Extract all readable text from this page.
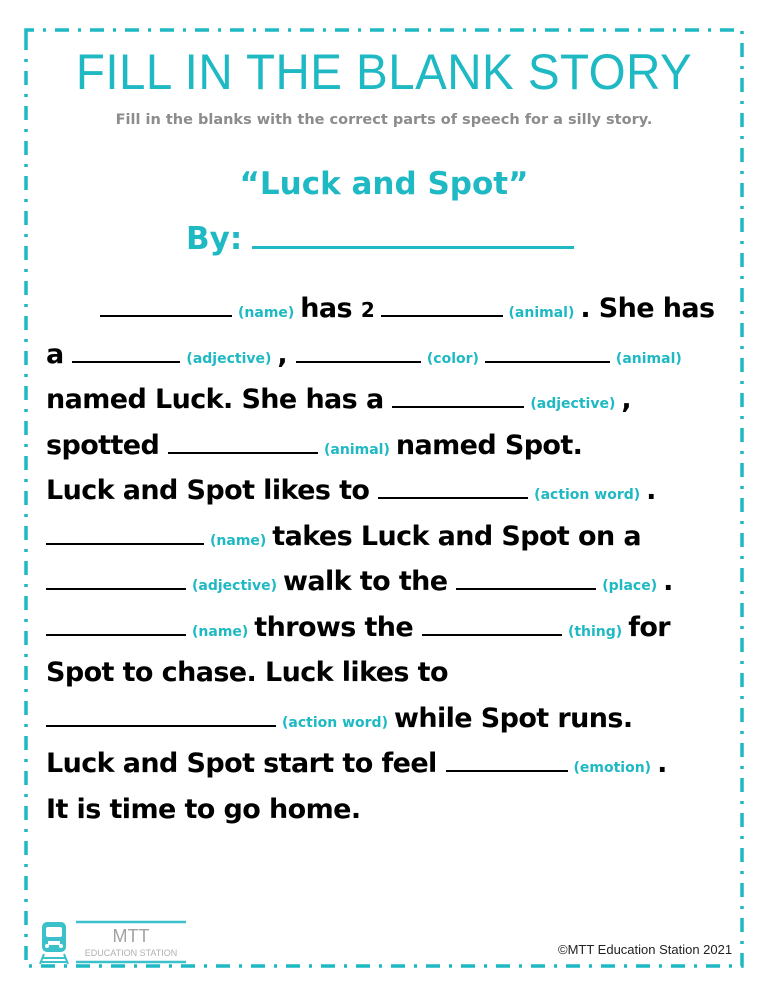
FILL IN THE BLANK STORY
Fill in the blanks with the correct parts of speech for a silly story.
“Luck and Spot”
By:
(name) has 2	(animal) . She has
a	(adjective) ,	(color)	(animal)
named Luck. She has a	(adjective) ,
spotted	(animal) named Spot.
Luck and Spot likes to	(action word) .
(name) takes Luck and Spot on a
(adjective) walk to the	(place) .
(name) throws the	(thing) for
Spot to chase. Luck likes to
(action word) while Spot runs.
Luck and Spot start to feel	(emotion) .
It is time to go home.
MTT
EDUCATION STATION	©MTT Education Station 2021
